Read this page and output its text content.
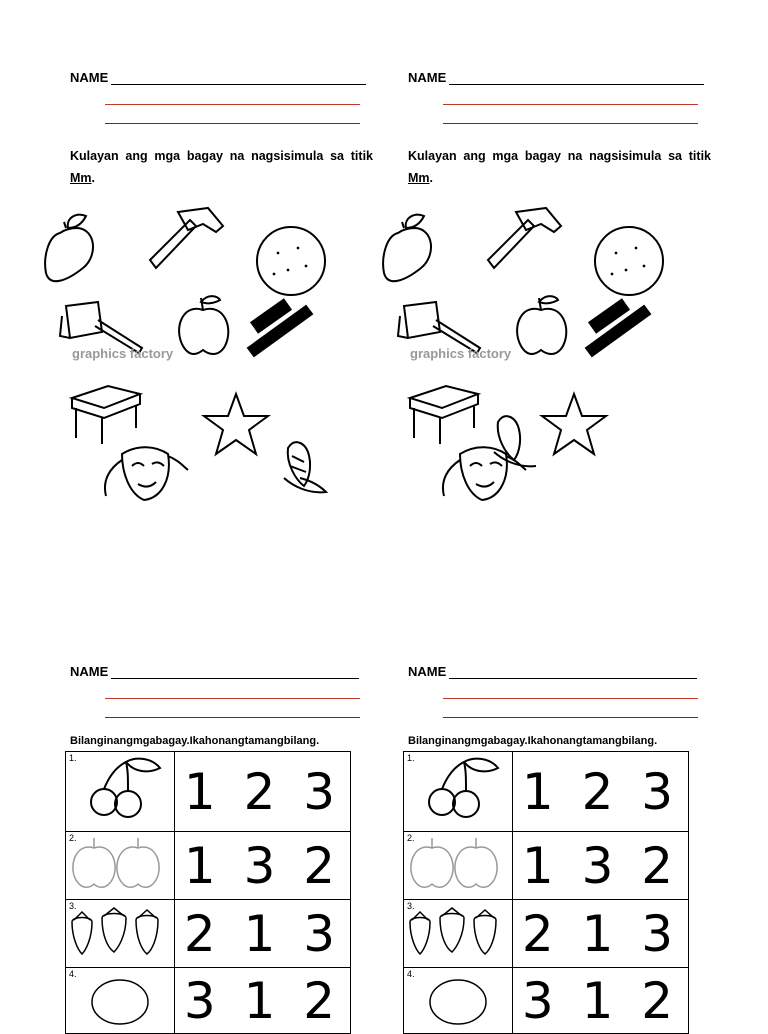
NAME
Kulayan ang mga bagay na nagsisimula sa titik Mm.
graphics factory
NAME
Kulayan ang mga bagay na nagsisimula sa titik Mm.
graphics factory
NAME
Bilanginangmgabagay.Ikahonangtamangbilang.
1.	1 2 3

2.	1 3 2

3.	2 1 3

4.	3 1 2
NAME
Bilanginangmgabagay.Ikahonangtamangbilang.
1.	1 2 3

2.	1 3 2

3.	2 1 3

4.	3 1 2
